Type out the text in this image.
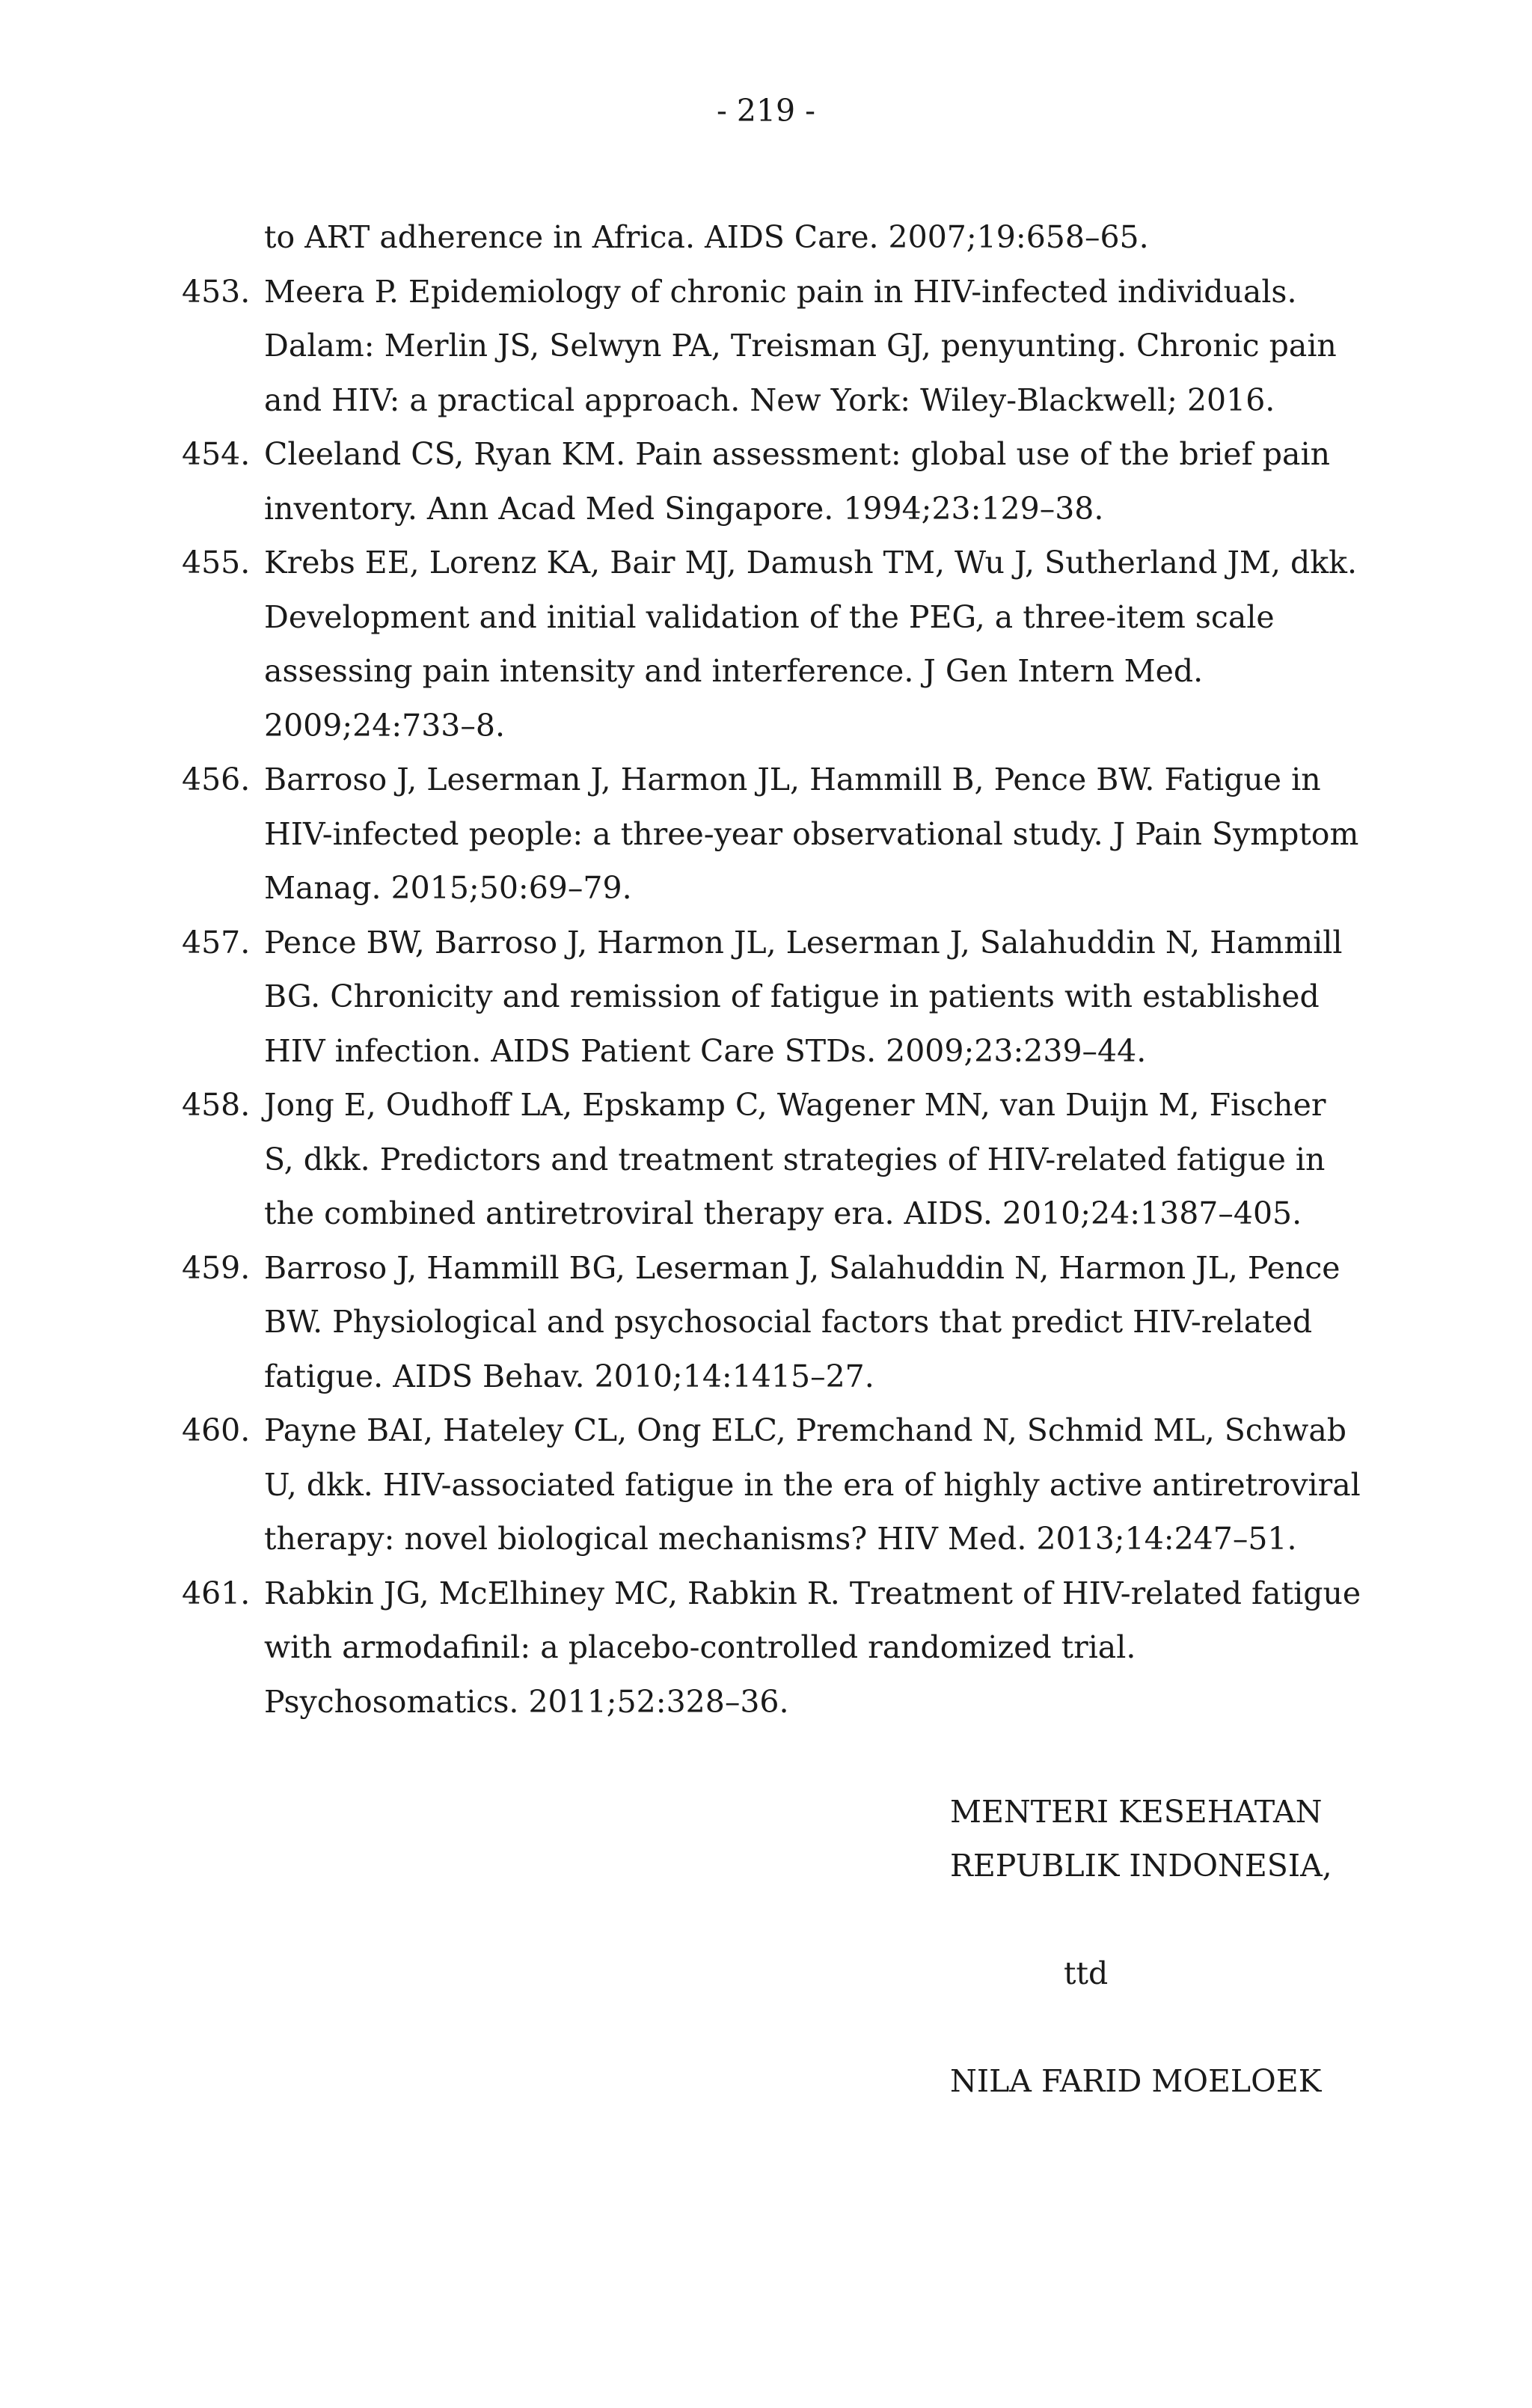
- 219 -
to ART adherence in Africa. AIDS Care. 2007;19:658–65.
453. Meera P. Epidemiology of chronic pain in HIV-infected individuals. Dalam: Merlin JS, Selwyn PA, Treisman GJ, penyunting. Chronic pain and HIV: a practical approach. New York: Wiley-Blackwell; 2016.
454. Cleeland CS, Ryan KM. Pain assessment: global use of the brief pain inventory. Ann Acad Med Singapore. 1994;23:129–38.
455. Krebs EE, Lorenz KA, Bair MJ, Damush TM, Wu J, Sutherland JM, dkk. Development and initial validation of the PEG, a three-item scale assessing pain intensity and interference. J Gen Intern Med. 2009;24:733–8.
456. Barroso J, Leserman J, Harmon JL, Hammill B, Pence BW. Fatigue in HIV-infected people: a three-year observational study. J Pain Symptom Manag. 2015;50:69–79.
457. Pence BW, Barroso J, Harmon JL, Leserman J, Salahuddin N, Hammill BG. Chronicity and remission of fatigue in patients with established HIV infection. AIDS Patient Care STDs. 2009;23:239–44.
458. Jong E, Oudhoff LA, Epskamp C, Wagener MN, van Duijn M, Fischer S, dkk. Predictors and treatment strategies of HIV-related fatigue in the combined antiretroviral therapy era. AIDS. 2010;24:1387–405.
459. Barroso J, Hammill BG, Leserman J, Salahuddin N, Harmon JL, Pence BW. Physiological and psychosocial factors that predict HIV-related fatigue. AIDS Behav. 2010;14:1415–27.
460. Payne BAI, Hateley CL, Ong ELC, Premchand N, Schmid ML, Schwab U, dkk. HIV-associated fatigue in the era of highly active antiretroviral therapy: novel biological mechanisms? HIV Med. 2013;14:247–51.
461. Rabkin JG, McElhiney MC, Rabkin R. Treatment of HIV-related fatigue with armodafinil: a placebo-controlled randomized trial. Psychosomatics. 2011;52:328–36.
MENTERI KESEHATAN
REPUBLIK INDONESIA,
ttd
NILA FARID MOELOEK
